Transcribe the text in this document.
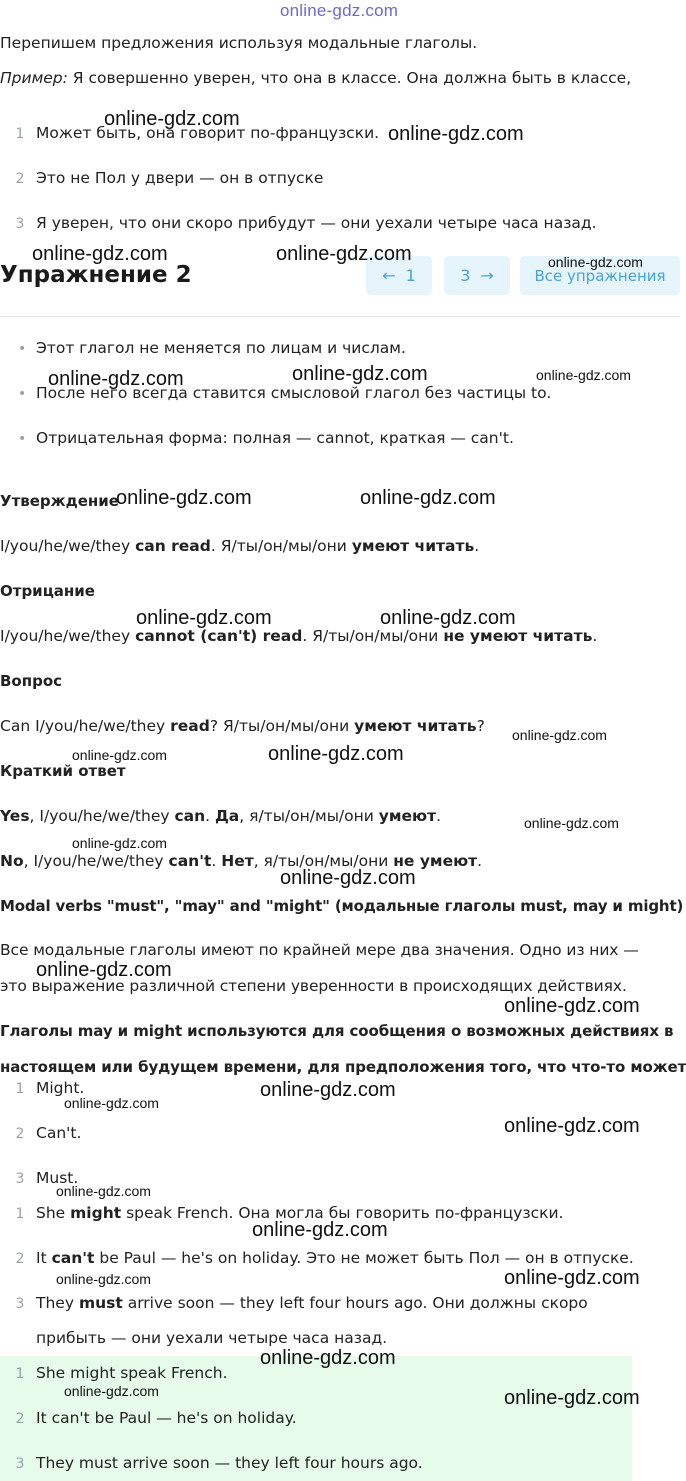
online-gdz.com
Перепишем предложения используя модальные глаголы.
Пример: Я совершенно уверен, что она в классе. Она должна быть в классе,
1 Может быть, она говорит по-французски.
2 Это не Пол у двери — он в отпуске
3 Я уверен, что они скоро прибудут — они уехали четыре часа назад.
Упражнение 2	← 1	3 →	Все упражнения
• Этот глагол не меняется по лицам и числам.
• После него всегда ставится смысловой глагол без частицы to.
• Отрицательная форма: полная — cannot, краткая — can't.
Утверждение
I/you/he/we/they can read. Я/ты/он/мы/они умеют читать.
Отрицание
I/you/he/we/they cannot (can't) read. Я/ты/он/мы/они не умеют читать.
Вопрос
Can I/you/he/we/they read? Я/ты/он/мы/они умеют читать?
Краткий ответ
Yes, I/you/he/we/they can. Да, я/ты/он/мы/они умеют.
No, I/you/he/we/they can't. Нет, я/ты/он/мы/они не умеют.
Modal verbs "must", "may" and "might" (модальные глаголы must, may и might)
Все модальные глаголы имеют по крайней мере два значения. Одно из них —
это выражение различной степени уверенности в происходящих действиях.
Глаголы may и might используются для сообщения о возможных действиях в
настоящем или будущем времени, для предположения того, что что-то может
1 Might.
2 Can't.
3 Must.
1 She might speak French. Она могла бы говорить по-французски.
2 It can't be Paul — he's on holiday. Это не может быть Пол — он в отпуске.
3 They must arrive soon — they left four hours ago. Они должны скоро
прибыть — они уехали четыре часа назад.
1 She might speak French.
2 It can't be Paul — he's on holiday.
3 They must arrive soon — they left four hours ago.
online-gdz.com
online-gdz.com
online-gdz.com	online-gdz.com	online-gdz.com
online-gdz.com	online-gdz.com	online-gdz.com
online-gdz.com	online-gdz.com
online-gdz.com	online-gdz.com
online-gdz.com	online-gdz.com
online-gdz.com
online-gdz.com
online-gdz.com
online-gdz.com
online-gdz.com
online-gdz.com
online-gdz.com
online-gdz.com
online-gdz.com
online-gdz.com
online-gdz.com
online-gdz.com	online-gdz.com
online-gdz.com
online-gdz.com	online-gdz.com
